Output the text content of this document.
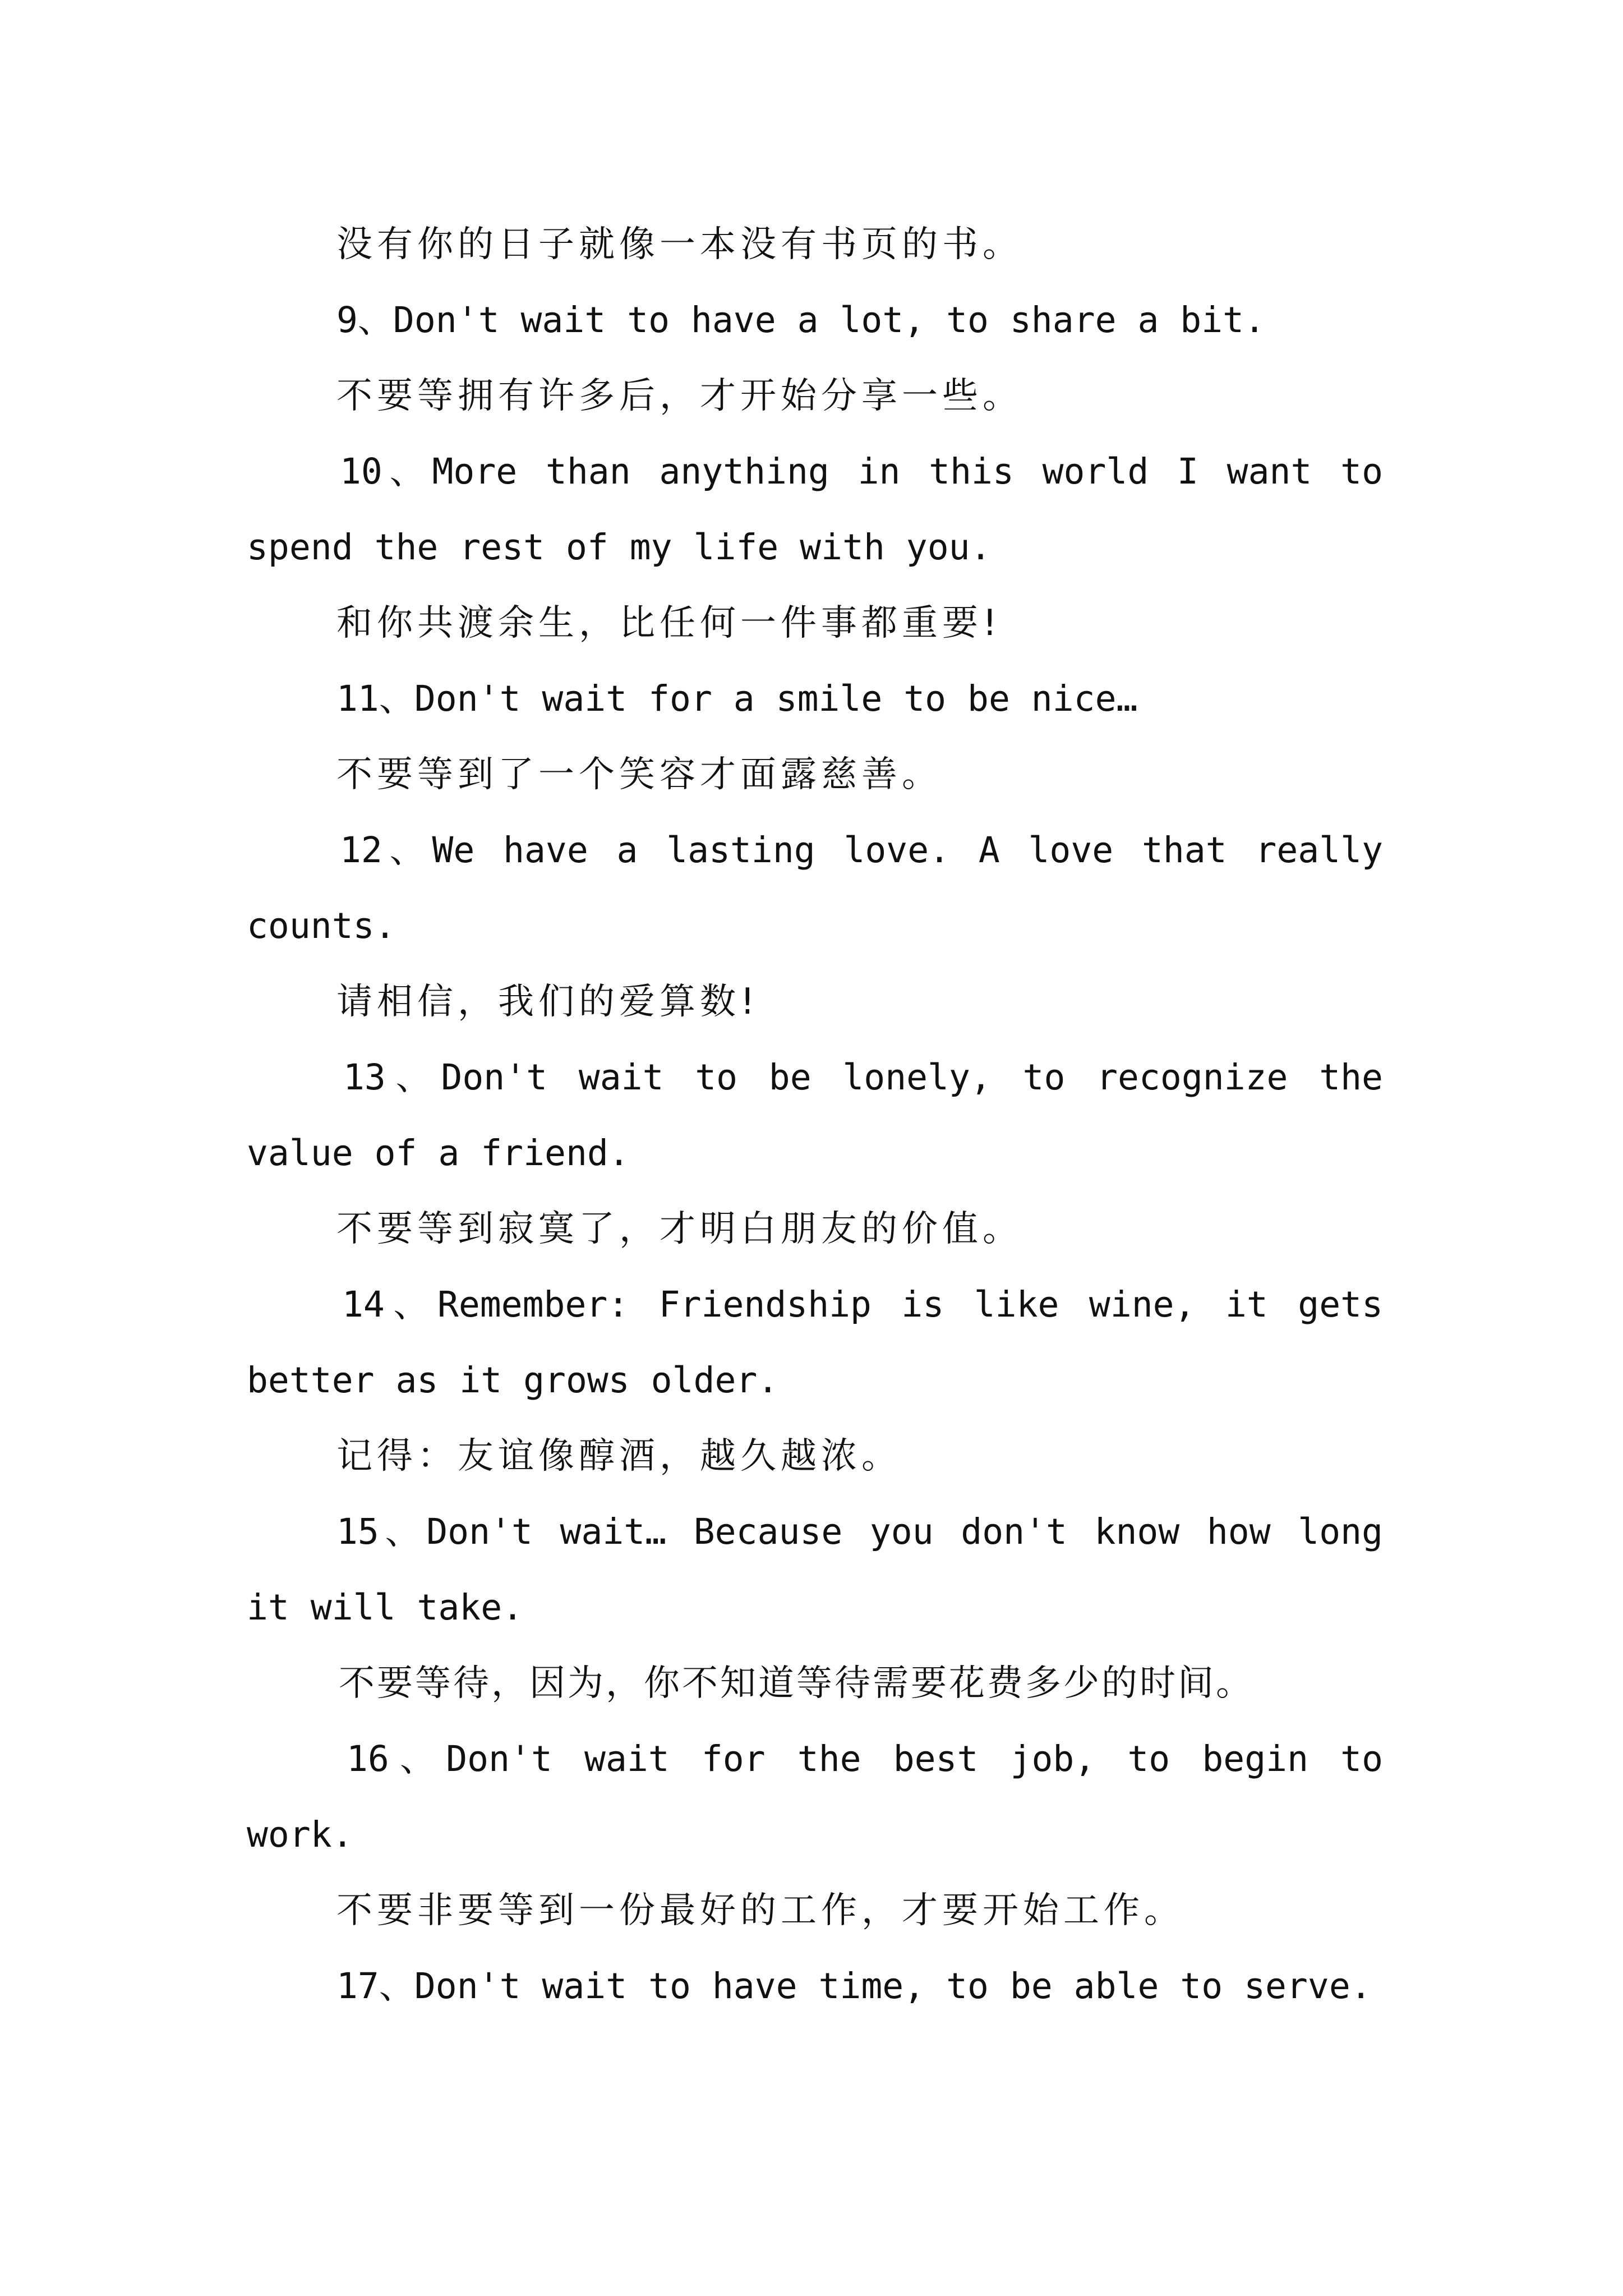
没有你的日子就像一本没有书页的书。
9、Don't wait to have a lot, to share a bit.
不要等拥有许多后，才开始分享一些。
10、More than anything in this world I want to
spend the rest of my life with you.
和你共渡余生，比任何一件事都重要!
11、Don't wait for a smile to be nice…
不要等到了一个笑容才面露慈善。
12、We have a lasting love. A love that really
counts.
请相信，我们的爱算数!
13、Don't wait to be lonely, to recognize the
value of a friend.
不要等到寂寞了，才明白朋友的价值。
14、Remember: Friendship is like wine, it gets
better as it grows older.
记得：友谊像醇酒，越久越浓。
15、Don't wait… Because you don't know how long
it will take.
不要等待，因为，你不知道等待需要花费多少的时间。
16、Don't wait for the best job, to begin to
work.
不要非要等到一份最好的工作，才要开始工作。
17、Don't wait to have time, to be able to serve.
